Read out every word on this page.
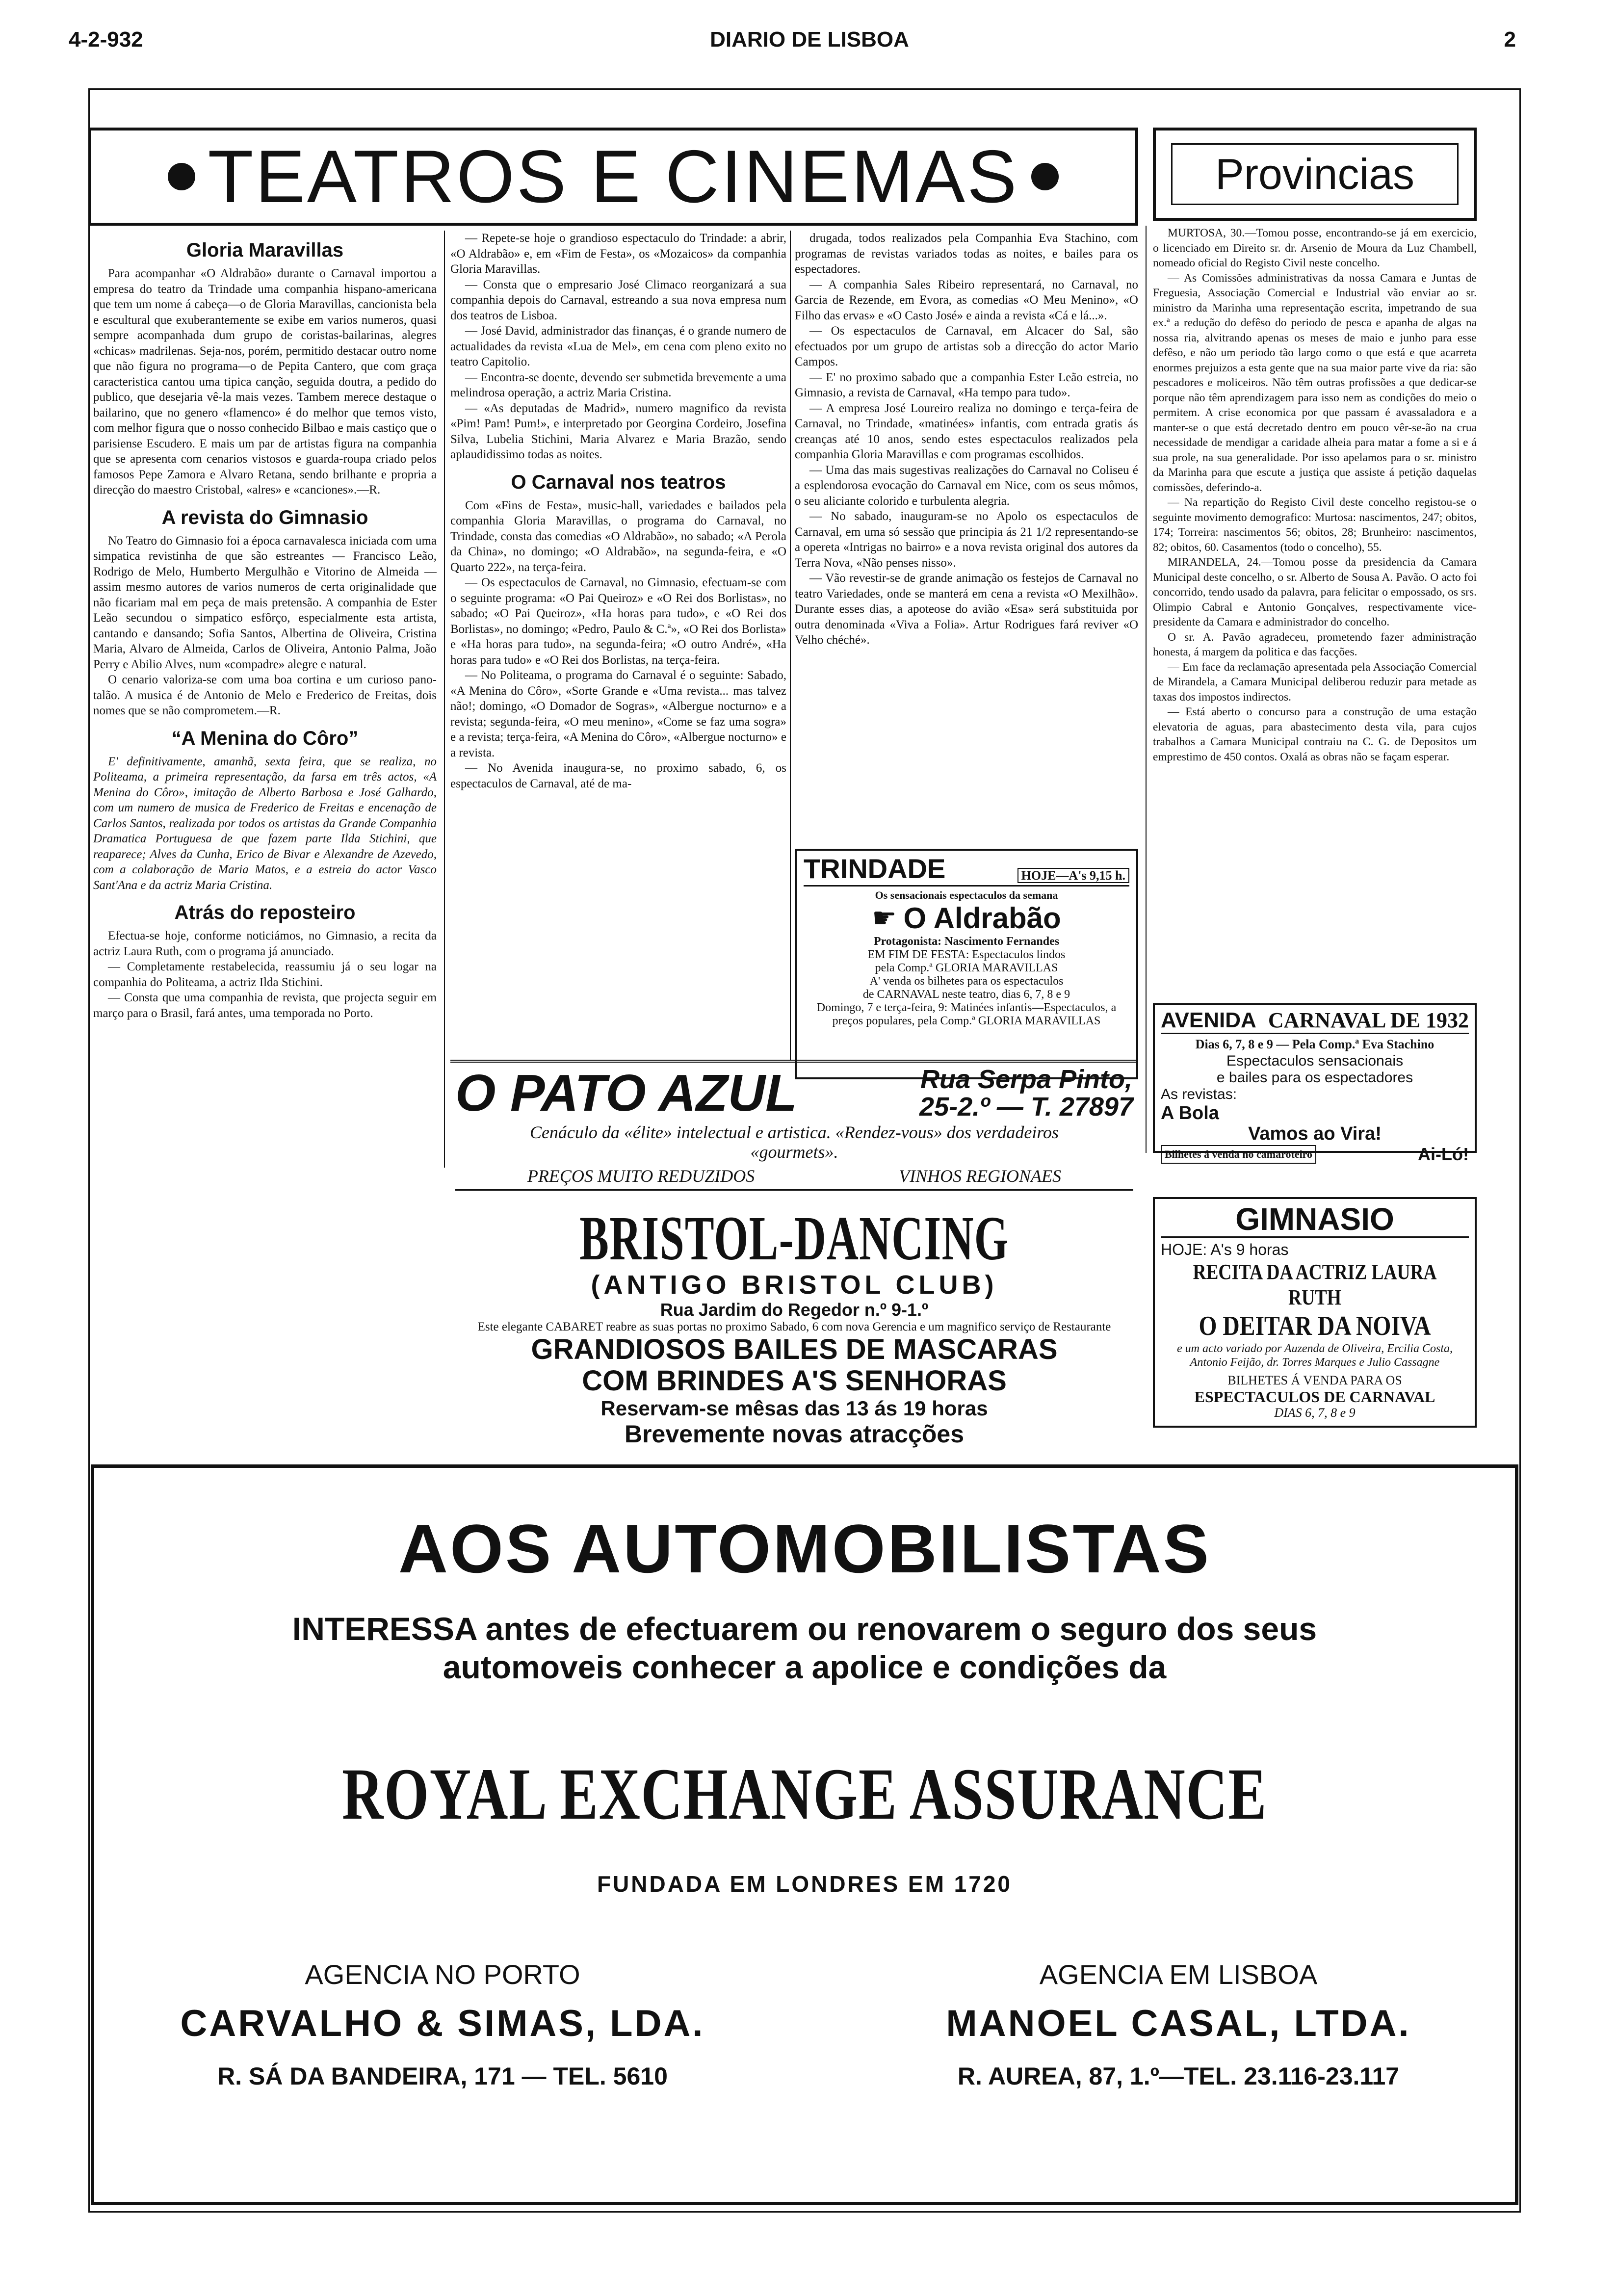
4-2-932	DIARIO DE LISBOA	2
TEATROS E CINEMAS	Provincias
Gloria Maravillas

Para acompanhar «O Aldrabão» durante o Carnaval importou a empresa do teatro da Trindade uma companhia hispano-americana que tem um nome á cabeça—o de Gloria Maravillas, cancionista bela e escultural que exuberantemente se exibe em varios numeros, quasi sempre acompanhada dum grupo de coristas-bailarinas, alegres «chicas» madrilenas. Seja-nos, porém, permitido destacar outro nome que não figura no programa—o de Pepita Cantero, que com graça caracteristica cantou uma tipica canção, seguida doutra, a pedido do publico, que desejaria vê-la mais vezes. Tambem merece destaque o bailarino, que no genero «flamenco» é do melhor que temos visto, com melhor figura que o nosso conhecido Bilbao e mais castiço que o parisiense Escudero. E mais um par de artistas figura na companhia que se apresenta com cenarios vistosos e guarda-roupa criado pelos famosos Pepe Zamora e Alvaro Retana, sendo brilhante e propria a direcção do maestro Cristobal, «alres» e «canciones».—R.

A revista do Gimnasio

No Teatro do Gimnasio foi a época carnavalesca iniciada com uma simpatica revistinha de que são estreantes — Francisco Leão, Rodrigo de Melo, Humberto Mergulhão e Vitorino de Almeida — assim mesmo autores de varios numeros de certa originalidade que não ficariam mal em peça de mais pretensão. A companhia de Ester Leão secundou o simpatico esfôrço, especialmente esta artista, cantando e dansando; Sofia Santos, Albertina de Oliveira, Cristina Maria, Alvaro de Almeida, Carlos de Oliveira, Antonio Palma, João Perry e Abilio Alves, num «compadre» alegre e natural.

O cenario valoriza-se com uma boa cortina e um curioso pano-talão. A musica é de Antonio de Melo e Frederico de Freitas, dois nomes que se não comprometem.—R.

“A Menina do Côro”

E' definitivamente, amanhã, sexta feira, que se realiza, no Politeama, a primeira representação, da farsa em três actos, «A Menina do Côro», imitação de Alberto Barbosa e José Galhardo, com um numero de musica de Frederico de Freitas e encenação de Carlos Santos, realizada por todos os artistas da Grande Companhia Dramatica Portuguesa de que fazem parte Ilda Stichini, que reaparece; Alves da Cunha, Erico de Bivar e Alexandre de Azevedo, com a colaboração de Maria Matos, e a estreia do actor Vasco Sant'Ana e da actriz Maria Cristina.

Atrás do reposteiro

Efectua-se hoje, conforme noticiámos, no Gimnasio, a recita da actriz Laura Ruth, com o programa já anunciado.

— Completamente restabelecida, reassumiu já o seu logar na companhia do Politeama, a actriz Ilda Stichini.

— Consta que uma companhia de revista, que projecta seguir em março para o Brasil, fará antes, uma temporada no Porto.

— Repete-se hoje o grandioso espectaculo do Trindade: a abrir, «O Aldrabão» e, em «Fim de Festa», os «Mozaicos» da companhia Gloria Maravillas.

— Consta que o empresario José Climaco reorganizará a sua companhia depois do Carnaval, estreando a sua nova empresa num dos teatros de Lisboa.

— José David, administrador das finanças, é o grande numero de actualidades da revista «Lua de Mel», em cena com pleno exito no teatro Capitolio.

— Encontra-se doente, devendo ser submetida brevemente a uma melindrosa operação, a actriz Maria Cristina.

— «As deputadas de Madrid», numero magnifico da revista «Pim! Pam! Pum!», e interpretado por Georgina Cordeiro, Josefina Silva, Lubelia Stichini, Maria Alvarez e Maria Brazão, sendo aplaudidissimo todas as noites.

O Carnaval nos teatros

Com «Fins de Festa», music-hall, variedades e bailados pela companhia Gloria Maravillas, o programa do Carnaval, no Trindade, consta das comedias «O Aldrabão», no sabado; «A Perola da China», no domingo; «O Aldrabão», na segunda-feira, e «O Quarto 222», na terça-feira.

— Os espectaculos de Carnaval, no Gimnasio, efectuam-se com o seguinte programa: «O Pai Queiroz» e «O Rei dos Borlistas», no sabado; «O Pai Queiroz», «Ha horas para tudo», e «O Rei dos Borlistas», no domingo; «Pedro, Paulo & C.ª», «O Rei dos Borlista» e «Ha horas para tudo», na segunda-feira; «O outro André», «Ha horas para tudo» e «O Rei dos Borlistas, na terça-feira.

— No Politeama, o programa do Carnaval é o seguinte: Sabado, «A Menina do Côro», «Sorte Grande e «Uma revista... mas talvez não!; domingo, «O Domador de Sogras», «Albergue nocturno» e a revista; segunda-feira, «O meu menino», «Come se faz uma sogra» e a revista; terça-feira, «A Menina do Côro», «Albergue nocturno» e a revista.

— No Avenida inaugura-se, no proximo sabado, 6, os espectaculos de Carnaval, até de ma-

drugada, todos realizados pela Companhia Eva Stachino, com programas de revistas variados todas as noites, e bailes para os espectadores.

— A companhia Sales Ribeiro representará, no Carnaval, no Garcia de Rezende, em Evora, as comedias «O Meu Menino», «O Filho das ervas» e «O Casto José» e ainda a revista «Cá e lá...».

— Os espectaculos de Carnaval, em Alcacer do Sal, são efectuados por um grupo de artistas sob a direcção do actor Mario Campos.

— E' no proximo sabado que a companhia Ester Leão estreia, no Gimnasio, a revista de Carnaval, «Ha tempo para tudo».

— A empresa José Loureiro realiza no domingo e terça-feira de Carnaval, no Trindade, «matinées» infantis, com entrada gratis ás creanças até 10 anos, sendo estes espectaculos realizados pela companhia Gloria Maravillas e com programas escolhidos.

— Uma das mais sugestivas realizações do Carnaval no Coliseu é a esplendorosa evocação do Carnaval em Nice, com os seus mômos, o seu aliciante colorido e turbulenta alegria.

— No sabado, inauguram-se no Apolo os espectaculos de Carnaval, em uma só sessão que principia ás 21 1/2 representando-se a opereta «Intrigas no bairro» e a nova revista original dos autores da Terra Nova, «Não penses nisso».

— Vão revestir-se de grande animação os festejos de Carnaval no teatro Variedades, onde se manterá em cena a revista «O Mexilhão». Durante esses dias, a apoteose do avião «Esa» será substituida por outra denominada «Viva a Folia». Artur Rodrigues fará reviver «O Velho chéché».

MURTOSA, 30.—Tomou posse, encontrando-se já em exercicio, o licenciado em Direito sr. dr. Arsenio de Moura da Luz Chambell, nomeado oficial do Registo Civil neste concelho.

— As Comissões administrativas da nossa Camara e Juntas de Freguesia, Associação Comercial e Industrial vão enviar ao sr. ministro da Marinha uma representação escrita, impetrando de sua ex.ª a redução do defêso do periodo de pesca e apanha de algas na nossa ria, alvitrando apenas os meses de maio e junho para esse defêso, e não um periodo tão largo como o que está e que acarreta enormes prejuizos a esta gente que na sua maior parte vive da ria: são pescadores e moliceiros. Não têm outras profissões a que dedicar-se porque não têm aprendizagem para isso nem as condições do meio o permitem. A crise economica por que passam é avassaladora e a manter-se o que está decretado dentro em pouco vêr-se-ão na crua necessidade de mendigar a caridade alheia para matar a fome a si e á sua prole, na sua generalidade. Por isso apelamos para o sr. ministro da Marinha para que escute a justiça que assiste á petição daquelas comissões, deferindo-a.

— Na repartição do Registo Civil deste concelho registou-se o seguinte movimento demografico: Murtosa: nascimentos, 247; obitos, 174; Torreira: nascimentos 56; obitos, 28; Brunheiro: nascimentos, 82; obitos, 60. Casamentos (todo o concelho), 55.

MIRANDELA, 24.—Tomou posse da presidencia da Camara Municipal deste concelho, o sr. Alberto de Sousa A. Pavão. O acto foi concorrido, tendo usado da palavra, para felicitar o empossado, os srs. Olimpio Cabral e Antonio Gonçalves, respectivamente vice-presidente da Camara e administrador do concelho.

O sr. A. Pavão agradeceu, prometendo fazer administração honesta, á margem da politica e das facções.

— Em face da reclamação apresentada pela Associação Comercial de Mirandela, a Camara Municipal deliberou reduzir para metade as taxas dos impostos indirectos.

— Está aberto o concurso para a construção de uma estação elevatoria de aguas, para abastecimento desta vila, para cujos trabalhos a Camara Municipal contraiu na C. G. de Depositos um emprestimo de 450 contos. Oxalá as obras não se façam esperar.

TRINDADE	HOJE—A's 9,15 h.
Os sensacionais espectaculos da semana
☛ O Aldrabão
Protagonista: Nascimento Fernandes
EM FIM DE FESTA: Espectaculos lindos
pela Comp.ª GLORIA MARAVILLAS
A' venda os bilhetes para os espectaculos
de CARNAVAL neste teatro, dias 6, 7, 8 e 9
Domingo, 7 e terça-feira, 9: Matinées infantis—Espectaculos, a preços populares, pela Comp.ª GLORIA MARAVILLAS	AVENIDA CARNAVAL DE 1932
Dias 6, 7, 8 e 9 — Pela Comp.ª Eva Stachino
Espectaculos sensacionais
e bailes para os espectadores
As revistas:
A Bola
Vamos ao Vira!
Bilhetes á venda no camaroteiro	Ai-Ló!
O PATO AZUL	Rua Serpa Pinto,
25-2.º — T. 27897
Cenáculo da «élite» intelectual e artistica. «Rendez-vous» dos verdadeiros «gourmets».
PREÇOS MUITO REDUZIDOS	VINHOS REGIONAES
BRISTOL-DANCING
(ANTIGO BRISTOL CLUB)
Rua Jardim do Regedor n.º 9-1.º
Este elegante CABARET reabre as suas portas no proximo Sabado, 6 com nova Gerencia e um magnifico serviço de Restaurante
GRANDIOSOS BAILES DE MASCARAS
COM BRINDES A'S SENHORAS
Reservam-se mêsas das 13 ás 19 horas
Brevemente novas atracções
GIMNASIO
HOJE: A's 9 horas
RECITA DA ACTRIZ LAURA RUTH
O DEITAR DA NOIVA
e um acto variado por Auzenda de Oliveira, Ercilia Costa, Antonio Feijão, dr. Torres Marques e Julio Cassagne
BILHETES Á VENDA PARA OS
ESPECTACULOS DE CARNAVAL
DIAS 6, 7, 8 e 9
AOS AUTOMOBILISTAS
INTERESSA antes de efectuarem ou renovarem o seguro dos seus
automoveis conhecer a apolice e condições da
ROYAL EXCHANGE ASSURANCE
FUNDADA EM LONDRES EM 1720
AGENCIA NO PORTO
CARVALHO & SIMAS, LDA.
R. SÁ DA BANDEIRA, 171 — TEL. 5610
AGENCIA EM LISBOA
MANOEL CASAL, LTDA.
R. AUREA, 87, 1.º—TEL. 23.116-23.117
